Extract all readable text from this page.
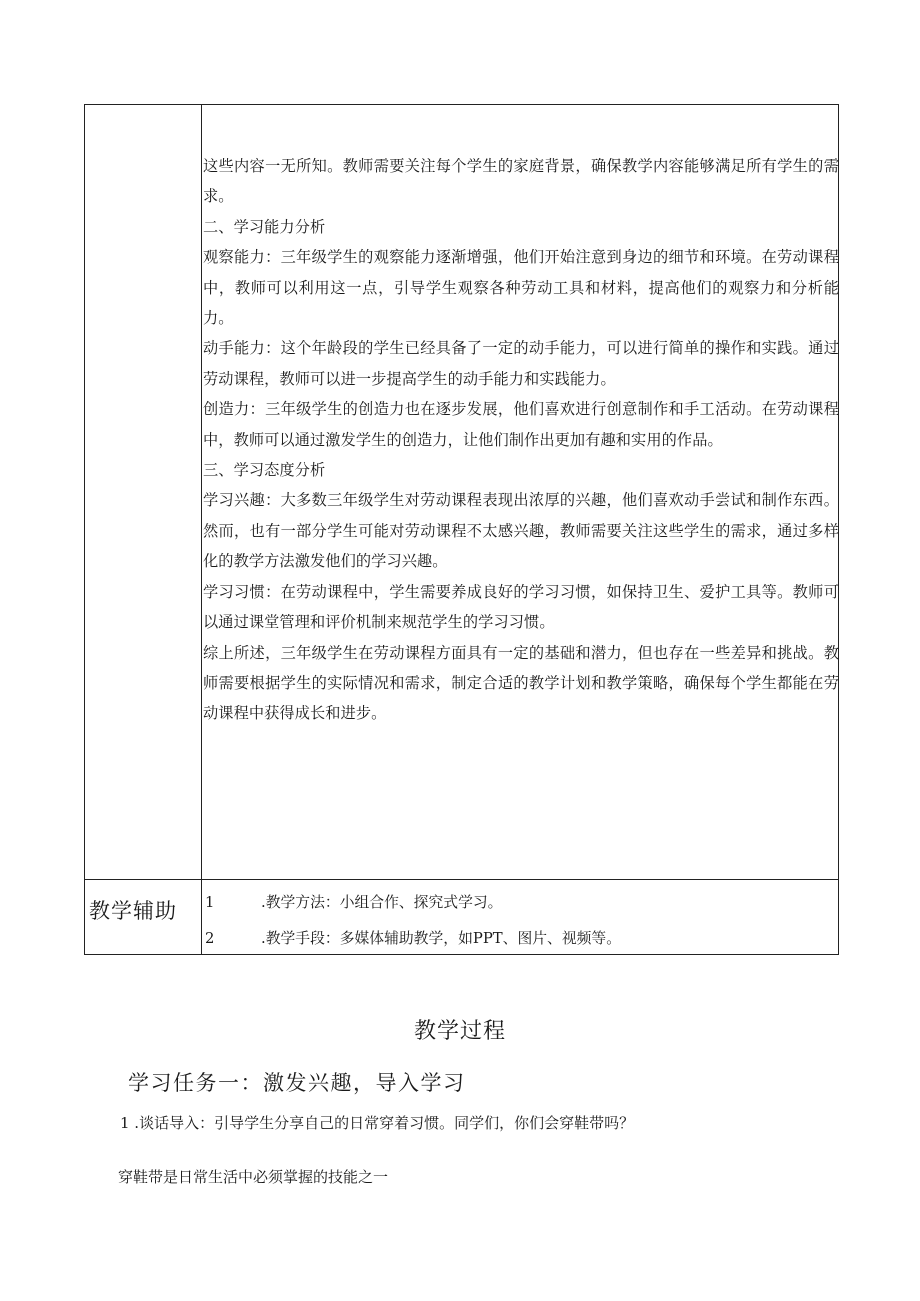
这些内容一无所知。教师需要关注每个学生的家庭背景，确保教学内容能够满足所有学生的需求。

二、学习能力分析

观察能力：三年级学生的观察能力逐渐增强，他们开始注意到身边的细节和环境。在劳动课程中，教师可以利用这一点，引导学生观察各种劳动工具和材料，提高他们的观察力和分析能力。

动手能力：这个年龄段的学生已经具备了一定的动手能力，可以进行简单的操作和实践。通过劳动课程，教师可以进一步提高学生的动手能力和实践能力。

创造力：三年级学生的创造力也在逐步发展，他们喜欢进行创意制作和手工活动。在劳动课程中，教师可以通过激发学生的创造力，让他们制作出更加有趣和实用的作品。

三、学习态度分析

学习兴趣：大多数三年级学生对劳动课程表现出浓厚的兴趣，他们喜欢动手尝试和制作东西。然而，也有一部分学生可能对劳动课程不太感兴趣，教师需要关注这些学生的需求，通过多样化的教学方法激发他们的学习兴趣。

学习习惯：在劳动课程中，学生需要养成良好的学习习惯，如保持卫生、爱护工具等。教师可以通过课堂管理和评价机制来规范学生的学习习惯。

综上所述，三年级学生在劳动课程方面具有一定的基础和潜力，但也存在一些差异和挑战。教师需要根据学生的实际情况和需求，制定合适的教学计划和教学策略，确保每个学生都能在劳动课程中获得成长和进步。

教学辅助 1	.教学方法：小组合作、探究式学习。
2	.教学手段：多媒体辅助教学，如PPT、图片、视频等。
教学过程
学习任务一：激发兴趣，导入学习
1 .谈话导入：引导学生分享自己的日常穿着习惯。同学们，你们会穿鞋带吗？
穿鞋带是日常生活中必须掌握的技能之一
